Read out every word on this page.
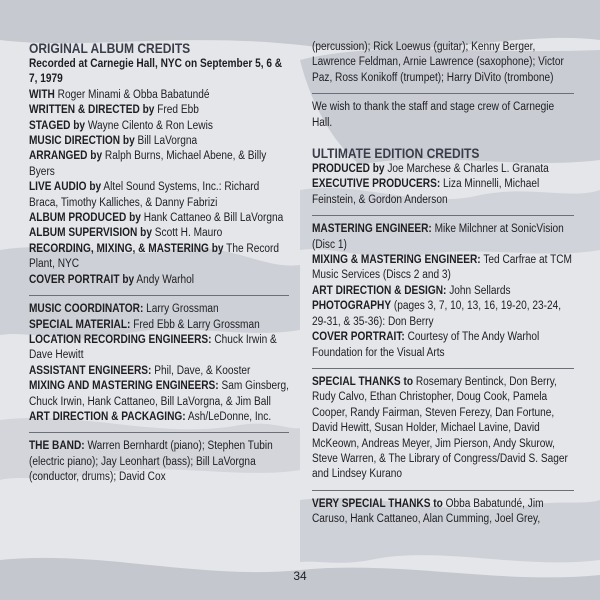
ORIGINAL ALBUM CREDITS

Recorded at Carnegie Hall, NYC on September 5, 6 & 7, 1979

WITH Roger Minami & Obba Babatundé

WRITTEN & DIRECTED by Fred Ebb

STAGED by Wayne Cilento & Ron Lewis

MUSIC DIRECTION by Bill LaVorgna

ARRANGED by Ralph Burns, Michael Abene, & Billy Byers

LIVE AUDIO by Altel Sound Systems, Inc.: Richard Braca, Timothy Kalliches, & Danny Fabrizi

ALBUM PRODUCED by Hank Cattaneo & Bill LaVorgna

ALBUM SUPERVISION by Scott H. Mauro

RECORDING, MIXING, & MASTERING by The Record Plant, NYC

COVER PORTRAIT by Andy Warhol

MUSIC COORDINATOR: Larry Grossman

SPECIAL MATERIAL: Fred Ebb & Larry Grossman

LOCATION RECORDING ENGINEERS: Chuck Irwin & Dave Hewitt

ASSISTANT ENGINEERS: Phil, Dave, & Kooster

MIXING AND MASTERING ENGINEERS: Sam Ginsberg, Chuck Irwin, Hank Cattaneo, Bill LaVorgna, & Jim Ball

ART DIRECTION & PACKAGING: Ash/LeDonne, Inc.

THE BAND: Warren Bernhardt (piano); Stephen Tubin (electric piano); Jay Leonhart (bass); Bill LaVorgna (conductor, drums); David Cox

(percussion); Rick Loewus (guitar); Kenny Berger, Lawrence Feldman, Arnie Lawrence (saxophone); Victor Paz, Ross Konikoff (trumpet); Harry DiVito (trombone)

We wish to thank the staff and stage crew of Carnegie Hall.

ULTIMATE EDITION CREDITS

PRODUCED by Joe Marchese & Charles L. Granata

EXECUTIVE PRODUCERS: Liza Minnelli, Michael Feinstein, & Gordon Anderson

MASTERING ENGINEER: Mike Milchner at SonicVision (Disc 1)

MIXING & MASTERING ENGINEER: Ted Carfrae at TCM Music Services (Discs 2 and 3)

ART DIRECTION & DESIGN: John Sellards

PHOTOGRAPHY (pages 3, 7, 10, 13, 16, 19-20, 23-24, 29-31, & 35-36): Don Berry

COVER PORTRAIT: Courtesy of The Andy Warhol Foundation for the Visual Arts

SPECIAL THANKS to Rosemary Bentinck, Don Berry, Rudy Calvo, Ethan Christopher, Doug Cook, Pamela Cooper, Randy Fairman, Steven Ferezy, Dan Fortune, David Hewitt, Susan Holder, Michael Lavine, David McKeown, Andreas Meyer, Jim Pierson, Andy Skurow, Steve Warren, & The Library of Congress/David S. Sager and Lindsey Kurano

VERY SPECIAL THANKS to Obba Babatundé, Jim Caruso, Hank Cattaneo, Alan Cumming, Joel Grey,

34
